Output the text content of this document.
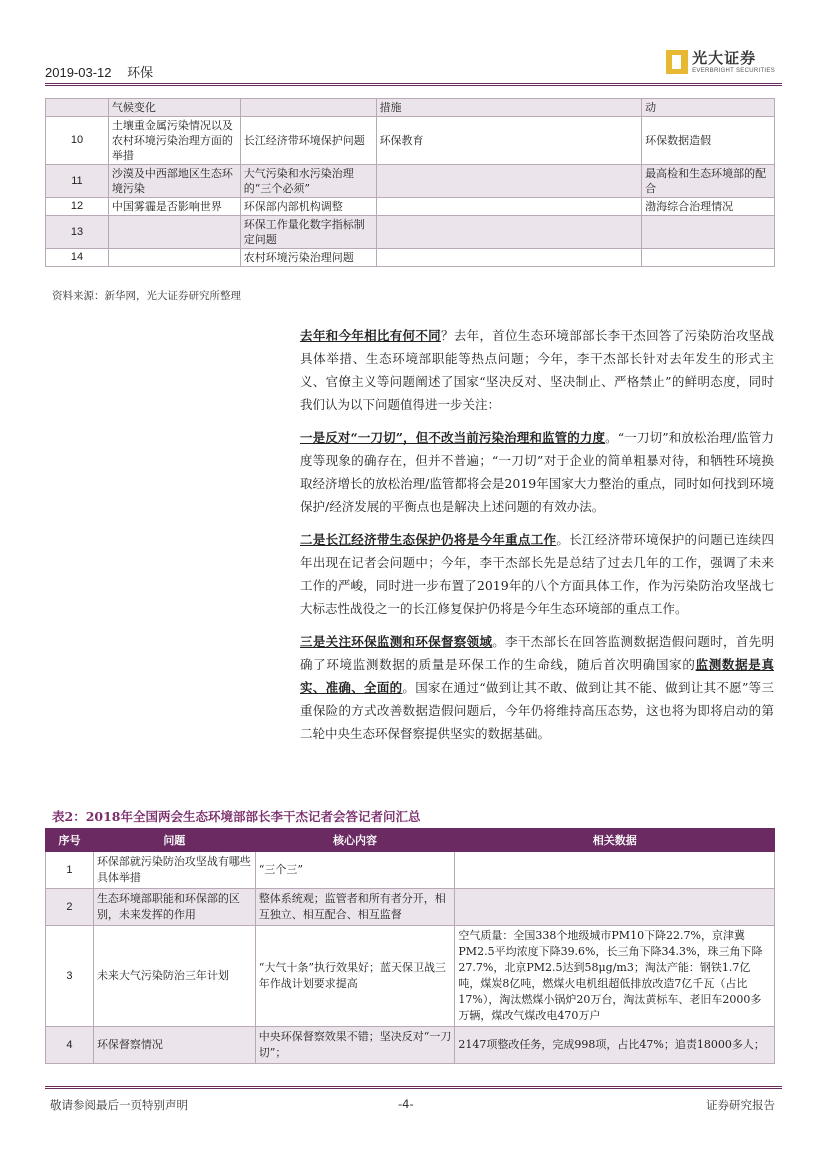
2019-03-12 环保
光大证券
EVERBRIGHT SECURITIES
	气候变化		措施	动
10	土壤重金属污染情况以及农村环境污染治理方面的举措	长江经济带环境保护问题	环保教育	环保数据造假
11	沙漠及中西部地区生态环境污染	大气污染和水污染治理的“三个必须”		最高检和生态环境部的配合
12	中国雾霾是否影响世界	环保部内部机构调整		渤海综合治理情况
13		环保工作量化数字指标制定问题		
14		农村环境污染治理问题		
资料来源：新华网，光大证券研究所整理

去年和今年相比有何不同？去年，首位生态环境部部长李干杰回答了污染防治攻坚战具体举措、生态环境部职能等热点问题；今年，李干杰部长针对去年发生的形式主义、官僚主义等问题阐述了国家“坚决反对、坚决制止、严格禁止”的鲜明态度，同时我们认为以下问题值得进一步关注：

一是反对“一刀切”，但不改当前污染治理和监管的力度。“一刀切”和放松治理/监管力度等现象的确存在，但并不普遍；“一刀切”对于企业的简单粗暴对待，和牺牲环境换取经济增长的放松治理/监管都将会是2019年国家大力整治的重点，同时如何找到环境保护/经济发展的平衡点也是解决上述问题的有效办法。

二是长江经济带生态保护仍将是今年重点工作。长江经济带环境保护的问题已连续四年出现在记者会问题中；今年，李干杰部长先是总结了过去几年的工作，强调了未来工作的严峻，同时进一步布置了2019年的八个方面具体工作，作为污染防治攻坚战七大标志性战役之一的长江修复保护仍将是今年生态环境部的重点工作。

三是关注环保监测和环保督察领域。李干杰部长在回答监测数据造假问题时，首先明确了环境监测数据的质量是环保工作的生命线，随后首次明确国家的监测数据是真实、准确、全面的。国家在通过“做到让其不敢、做到让其不能、做到让其不愿”等三重保险的方式改善数据造假问题后，今年仍将维持高压态势，这也将为即将启动的第二轮中央生态环保督察提供坚实的数据基础。

表2：2018年全国两会生态环境部部长李干杰记者会答记者问汇总
序号	问题	核心内容	相关数据
1	环保部就污染防治攻坚战有哪些具体举措	“三个三”	
2	生态环境部职能和环保部的区别，未来发挥的作用	整体系统观；监管者和所有者分开，相互独立、相互配合、相互监督	
3	未来大气污染防治三年计划	“大气十条”执行效果好；蓝天保卫战三年作战计划要求提高	空气质量：全国338个地级城市PM10下降22.7%，京津冀PM2.5平均浓度下降39.6%，长三角下降34.3%，珠三角下降27.7%，北京PM2.5达到58μg/m3；淘汰产能：钢铁1.7亿吨，煤炭8亿吨，燃煤火电机组超低排放改造7亿千瓦（占比17%），淘汰燃煤小锅炉20万台，淘汰黄标车、老旧车2000多万辆，煤改气煤改电470万户
4	环保督察情况	中央环保督察效果不错；坚决反对“一刀切”；	2147项整改任务，完成998项，占比47%；追责18000多人；
敬请参阅最后一页特别声明	-4-	证券研究报告
